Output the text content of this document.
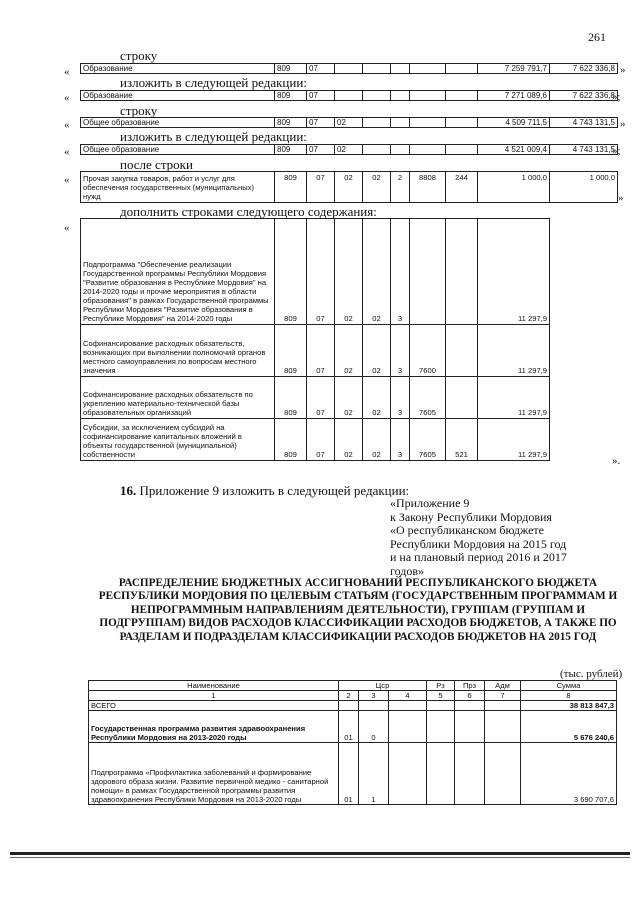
261
строку
« Образование	809	07						7 259 791,7	7 622 336,8 »
изложить в следующей редакции:
« Образование	809	07						7 271 089,6	7 622 336,8
»;
строку
« Общее образование	809	07	02					4 509 711,5	4 743 131,5 »
изложить в следующей редакции:
« Общее образование	809	07	02					4 521 009,4	4 743 131,5
»;
после строки
« Прочая закупка товаров, работ и услуг для обеспечения государственных (муниципальных) нужд	809	07	02	02	2	8808	244	1 000,0	1 000,0
»
дополнить строками следующего содержания:
«
Подпрограмма "Обеспечение реализации Государственной программы Республики Мордовия "Развитие образования в Республике Мордовия" на 2014-2020 годы и прочие мероприятия в области образования" в рамках Государственной программы Республики Мордовия "Развитие образования в Республике Мордовия" на 2014-2020 годы	809	07	02	02	3			11 297,9	
Софинансирование расходных обязательств, возникающих при выполнении полномочий органов местного самоуправления по вопросам местного значения	809	07	02	02	3	7600		11 297,9	
Софинансирование расходных обязательств по укреплению материально-технической базы образовательных организаций	809	07	02	02	3	7605		11 297,9	
Субсидии, за исключением субсидий на софинансирование капитальных вложений в объекты государственной (муниципальной) собственности	809	07	02	02	3	7605	521	11 297,9	
».
16. Приложение 9 изложить в следующей редакции:
«Приложение 9
к Закону Республики Мордовия
«О республиканском бюджете
Республики Мордовия на 2015 год
и на плановый период 2016 и 2017
годов»
РАСПРЕДЕЛЕНИЕ БЮДЖЕТНЫХ АССИГНОВАНИЙ РЕСПУБЛИКАНСКОГО БЮДЖЕТА РЕСПУБЛИКИ МОРДОВИЯ ПО ЦЕЛЕВЫМ СТАТЬЯМ (ГОСУДАРСТВЕННЫМ ПРОГРАММАМ И НЕПРОГРАММНЫМ НАПРАВЛЕНИЯМ ДЕЯТЕЛЬНОСТИ), ГРУППАМ (ГРУППАМ И ПОДГРУППАМ) ВИДОВ РАСХОДОВ КЛАССИФИКАЦИИ РАСХОДОВ БЮДЖЕТОВ, А ТАКЖЕ ПО РАЗДЕЛАМ И ПОДРАЗДЕЛАМ КЛАССИФИКАЦИИ РАСХОДОВ БЮДЖЕТОВ НА 2015 ГОД
(тыс. рублей)
Наименование	Цср			Рз	Прз	Адм	Сумма
1	2	3	4	5	6	7	8
ВСЕГО							38 813 847,3
Государственная программа развития здравоохранения Республики Мордовия на 2013-2020 годы	01	0					5 676 240,6
Подпрограмма «Профилактика заболеваний и формирование здорового образа жизни. Развитие первичной медико - санитарной помощи» в рамках Государственной программы развития здравоохранения Республики Мордовия на 2013-2020 годы	01	1					3 690 707,6
